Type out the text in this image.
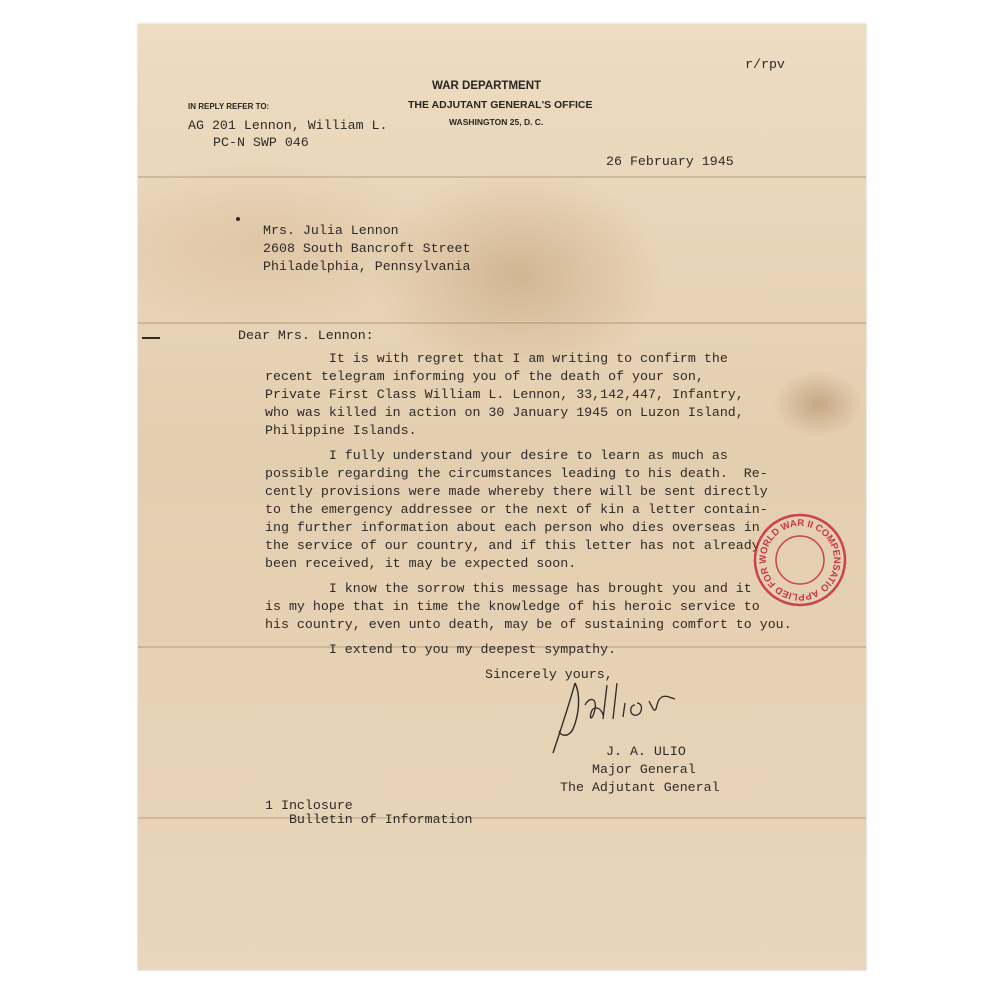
WAR DEPARTMENT
THE ADJUTANT GENERAL'S OFFICE
WASHINGTON 25, D. C.
IN REPLY REFER TO:
r/rpv
AG 201 Lennon, William L.
PC-N SWP 046
26 February 1945
Mrs. Julia Lennon
2608 South Bancroft Street
Philadelphia, Pennsylvania
Dear Mrs. Lennon:
It is with regret that I am writing to confirm the
recent telegram informing you of the death of your son,
Private First Class William L. Lennon, 33,142,447, Infantry,
who was killed in action on 30 January 1945 on Luzon Island,
Philippine Islands.
I fully understand your desire to learn as much as
possible regarding the circumstances leading to his death.  Re-
cently provisions were made whereby there will be sent directly
to the emergency addressee or the next of kin a letter contain-
ing further information about each person who dies overseas in
the service of our country, and if this letter has not already
been received, it may be expected soon.
I know the sorrow this message has brought you and it
is my hope that in time the knowledge of his heroic service to
his country, even unto death, may be of sustaining comfort to you.
I extend to you my deepest sympathy.
Sincerely yours,
J. A. ULIO
Major General
The Adjutant General
1 Inclosure
Bulletin of Information
APPLIED FOR WORLD WAR II COMPENSATION
